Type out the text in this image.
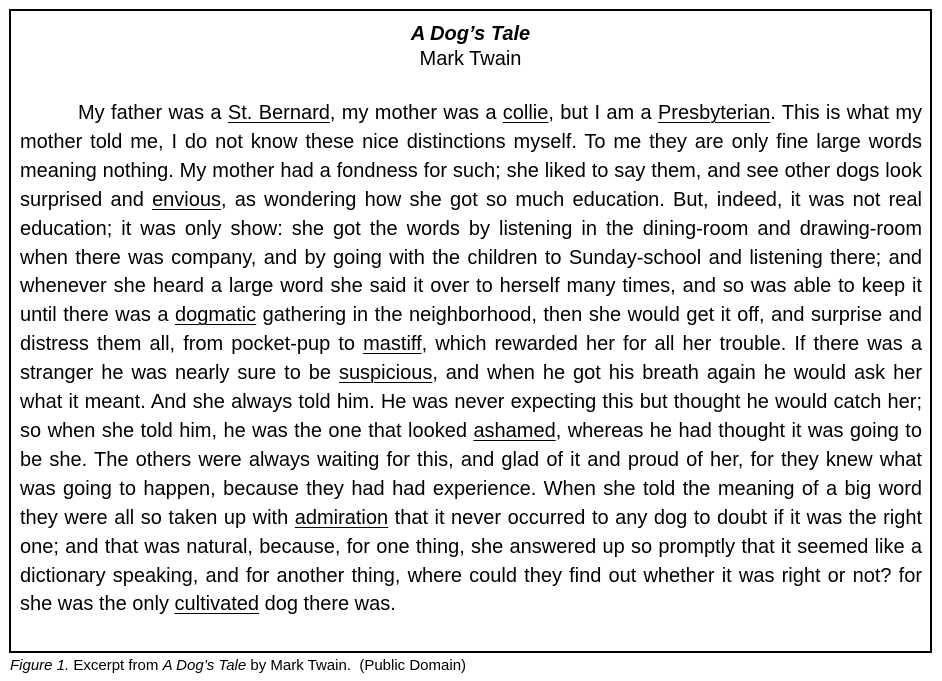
A Dog’s Tale
Mark Twain

My father was a St. Bernard, my mother was a collie, but I am a Presbyterian. This is what my mother told me, I do not know these nice distinctions myself. To me they are only fine large words meaning nothing. My mother had a fondness for such; she liked to say them, and see other dogs look surprised and envious, as wondering how she got so much education. But, indeed, it was not real education; it was only show: she got the words by listening in the dining-room and drawing-room when there was company, and by going with the children to Sunday-school and listening there; and whenever she heard a large word she said it over to herself many times, and so was able to keep it until there was a dogmatic gathering in the neighborhood, then she would get it off, and surprise and distress them all, from pocket-pup to mastiff, which rewarded her for all her trouble. If there was a stranger he was nearly sure to be suspicious, and when he got his breath again he would ask her what it meant. And she always told him. He was never expecting this but thought he would catch her; so when she told him, he was the one that looked ashamed, whereas he had thought it was going to be she. The others were always waiting for this, and glad of it and proud of her, for they knew what was going to happen, because they had had experience. When she told the meaning of a big word they were all so taken up with admiration that it never occurred to any dog to doubt if it was the right one; and that was natural, because, for one thing, she answered up so promptly that it seemed like a dictionary speaking, and for another thing, where could they find out whether it was right or not? for she was the only cultivated dog there was.

Figure 1. Excerpt from A Dog’s Tale by Mark Twain.  (Public Domain)
